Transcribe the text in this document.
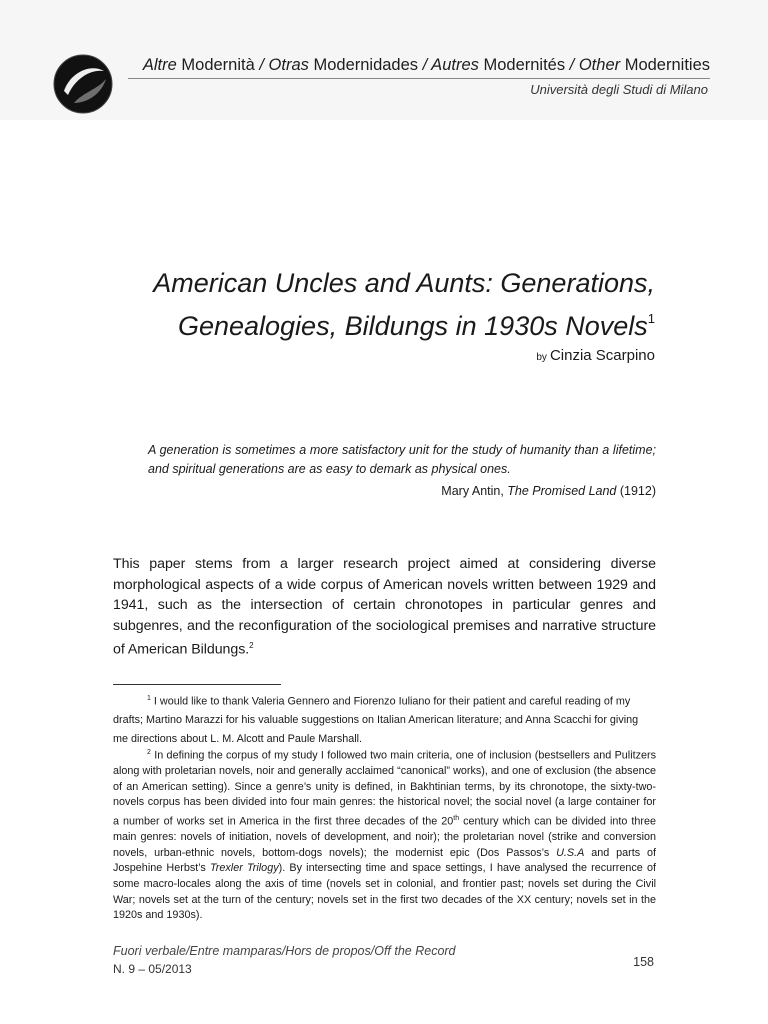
Altre Modernità / Otras Modernidades / Autres Modernités / Other Modernities
Università degli Studi di Milano
American Uncles and Aunts: Generations,
Genealogies, Bildungs in 1930s Novels$^1$
by Cinzia Scarpino
A generation is sometimes a more satisfactory unit for the study of humanity than a lifetime; and spiritual generations are as easy to demark as physical ones.
Mary Antin, The Promised Land (1912)
This paper stems from a larger research project aimed at considering diverse morphological aspects of a wide corpus of American novels written between 1929 and 1941, such as the intersection of certain chronotopes in particular genres and subgenres, and the reconfiguration of the sociological premises and narrative structure of American Bildungs.$^2$
$^1$ I would like to thank Valeria Gennero and Fiorenzo Iuliano for their patient and careful reading of my drafts; Martino Marazzi for his valuable suggestions on Italian American literature; and Anna Scacchi for giving me directions about L. M. Alcott and Paule Marshall.
$^2$ In defining the corpus of my study I followed two main criteria, one of inclusion (bestsellers and Pulitzers along with proletarian novels, noir and generally acclaimed “canonical” works), and one of exclusion (the absence of an American setting). Since a genre’s unity is defined, in Bakhtinian terms, by its chronotope, the sixty-two-novels corpus has been divided into four main genres: the historical novel; the social novel (a large container for a number of works set in America in the first three decades of the 20th century which can be divided into three main genres: novels of initiation, novels of development, and noir); the proletarian novel (strike and conversion novels, urban-ethnic novels, bottom-dogs novels); the modernist epic (Dos Passos’s U.S.A and parts of Jospehine Herbst’s Trexler Trilogy). By intersecting time and space settings, I have analysed the recurrence of some macro-locales along the axis of time (novels set in colonial, and frontier past; novels set during the Civil War; novels set at the turn of the century; novels set in the first two decades of the XX century; novels set in the 1920s and 1930s).
Fuori verbale/Entre mamparas/Hors de propos/Off the Record
N. 9 – 05/2013	158
